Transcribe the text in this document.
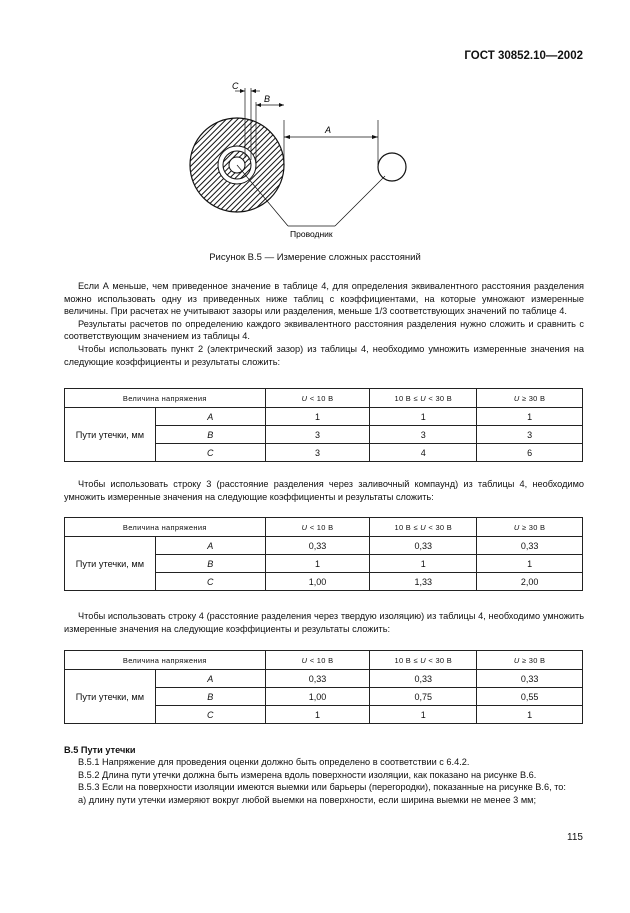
ГОСТ 30852.10—2002
C
B
A
Проводник
Рисунок В.5 — Измерение сложных расстояний

Если А меньше, чем приведенное значение в таблице 4, для определения эквивалентного расстояния разделения можно использовать одну из приведенных ниже таблиц с коэффициентами, на которые умножают измеренные величины. При расчетах не учитывают зазоры или разделения, меньше 1/3 соответствующих значений по таблице 4.

Результаты расчетов по определению каждого эквивалентного расстояния разделения нужно сложить и сравнить с соответствующим значением из таблицы 4.

Чтобы использовать пункт 2 (электрический зазор) из таблицы 4, необходимо умножить измеренные значения на следующие коэффициенты и результаты сложить:

Величина напряжения		U < 10 В	10 В ≤ U < 30 В	U ≥ 30 В
Пути утечки, мм	A	1	1	1
	B	3	3	3
	C	3	4	6

Чтобы использовать строку 3 (расстояние разделения через заливочный компаунд) из таблицы 4, необходимо умножить измеренные значения на следующие коэффициенты и результаты сложить:

Величина напряжения		U < 10 В	10 В ≤ U < 30 В	U ≥ 30 В
Пути утечки, мм	A	0,33	0,33	0,33
	B	1	1	1
	C	1,00	1,33	2,00

Чтобы использовать строку 4 (расстояние разделения через твердую изоляцию) из таблицы 4, необходимо умножить измеренные значения на следующие коэффициенты и результаты сложить:

Величина напряжения		U < 10 В	10 В ≤ U < 30 В	U ≥ 30 В
Пути утечки, мм	A	0,33	0,33	0,33
	B	1,00	0,75	0,55
	C	1	1	1
В.5 Пути утечки

В.5.1 Напряжение для проведения оценки должно быть определено в соответствии с 6.4.2.

В.5.2 Длина пути утечки должна быть измерена вдоль поверхности изоляции, как показано на рисунке В.6.

В.5.3 Если на поверхности изоляции имеются выемки или барьеры (перегородки), показанные на рисунке В.6, то:

а) длину пути утечки измеряют вокруг любой выемки на поверхности, если ширина выемки не менее 3 мм;

115
